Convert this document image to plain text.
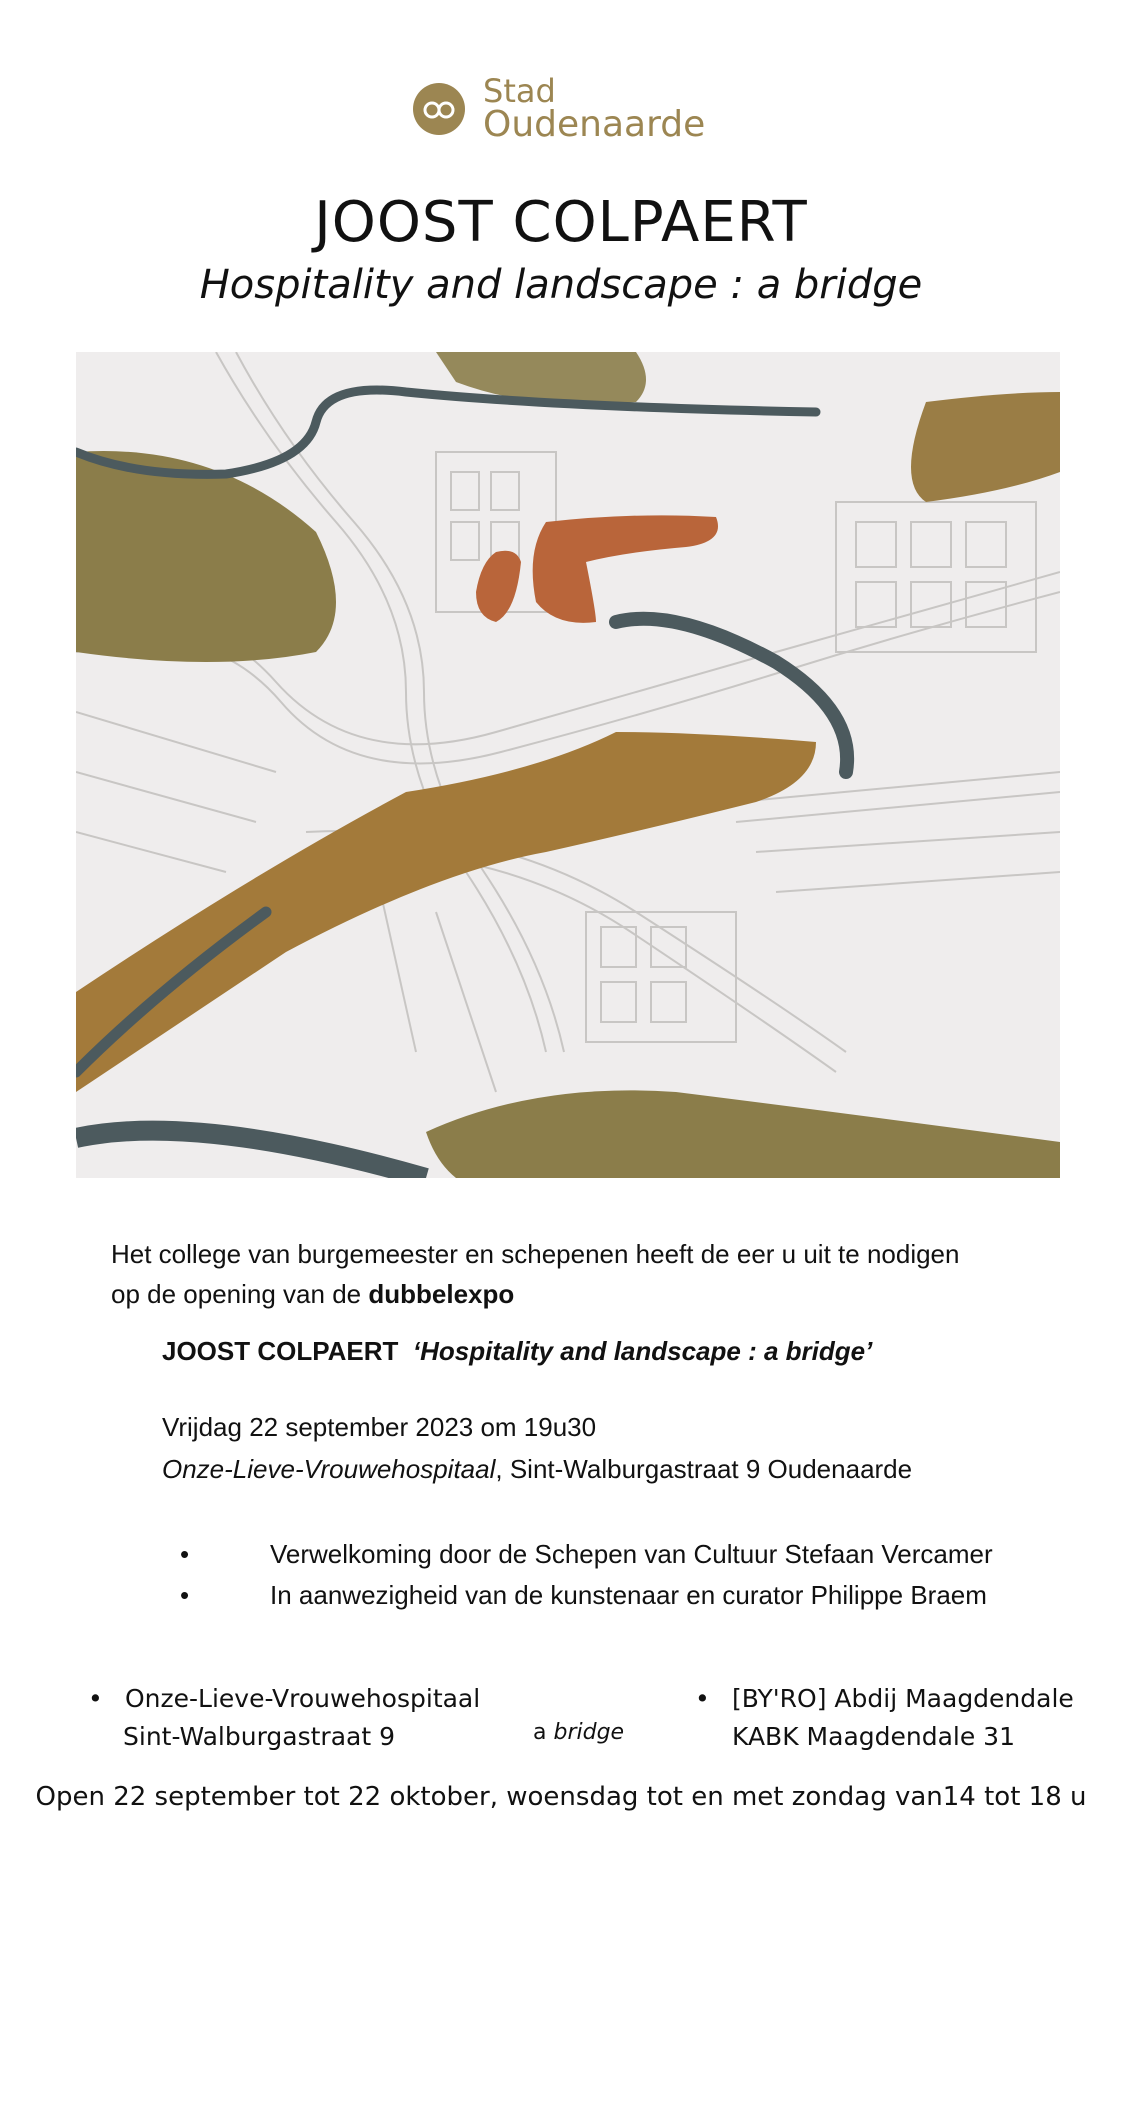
Stad
Oudenaarde
JOOST COLPAERT
Hospitality and landscape : a bridge
Het college van burgemeester en schepenen heeft de eer u uit te nodigen
op de opening van de dubbelexpo
JOOST COLPAERT ‘Hospitality and landscape : a bridge’
Vrijdag 22 september 2023 om 19u30
Onze-Lieve-Vrouwehospitaal, Sint-Walburgastraat 9 Oudenaarde
•	Verwelkoming door de Schepen van Cultuur Stefaan Vercamer
•	In aanwezigheid van de kunstenaar en curator Philippe Braem
• Onze-Lieve-Vrouwehospitaal
Sint-Walburgastraat 9	a bridge
• [BY'RO] Abdij Maagdendale
KABK Maagdendale 31
Open 22 september tot 22 oktober, woensdag tot en met zondag van14 tot 18 u
